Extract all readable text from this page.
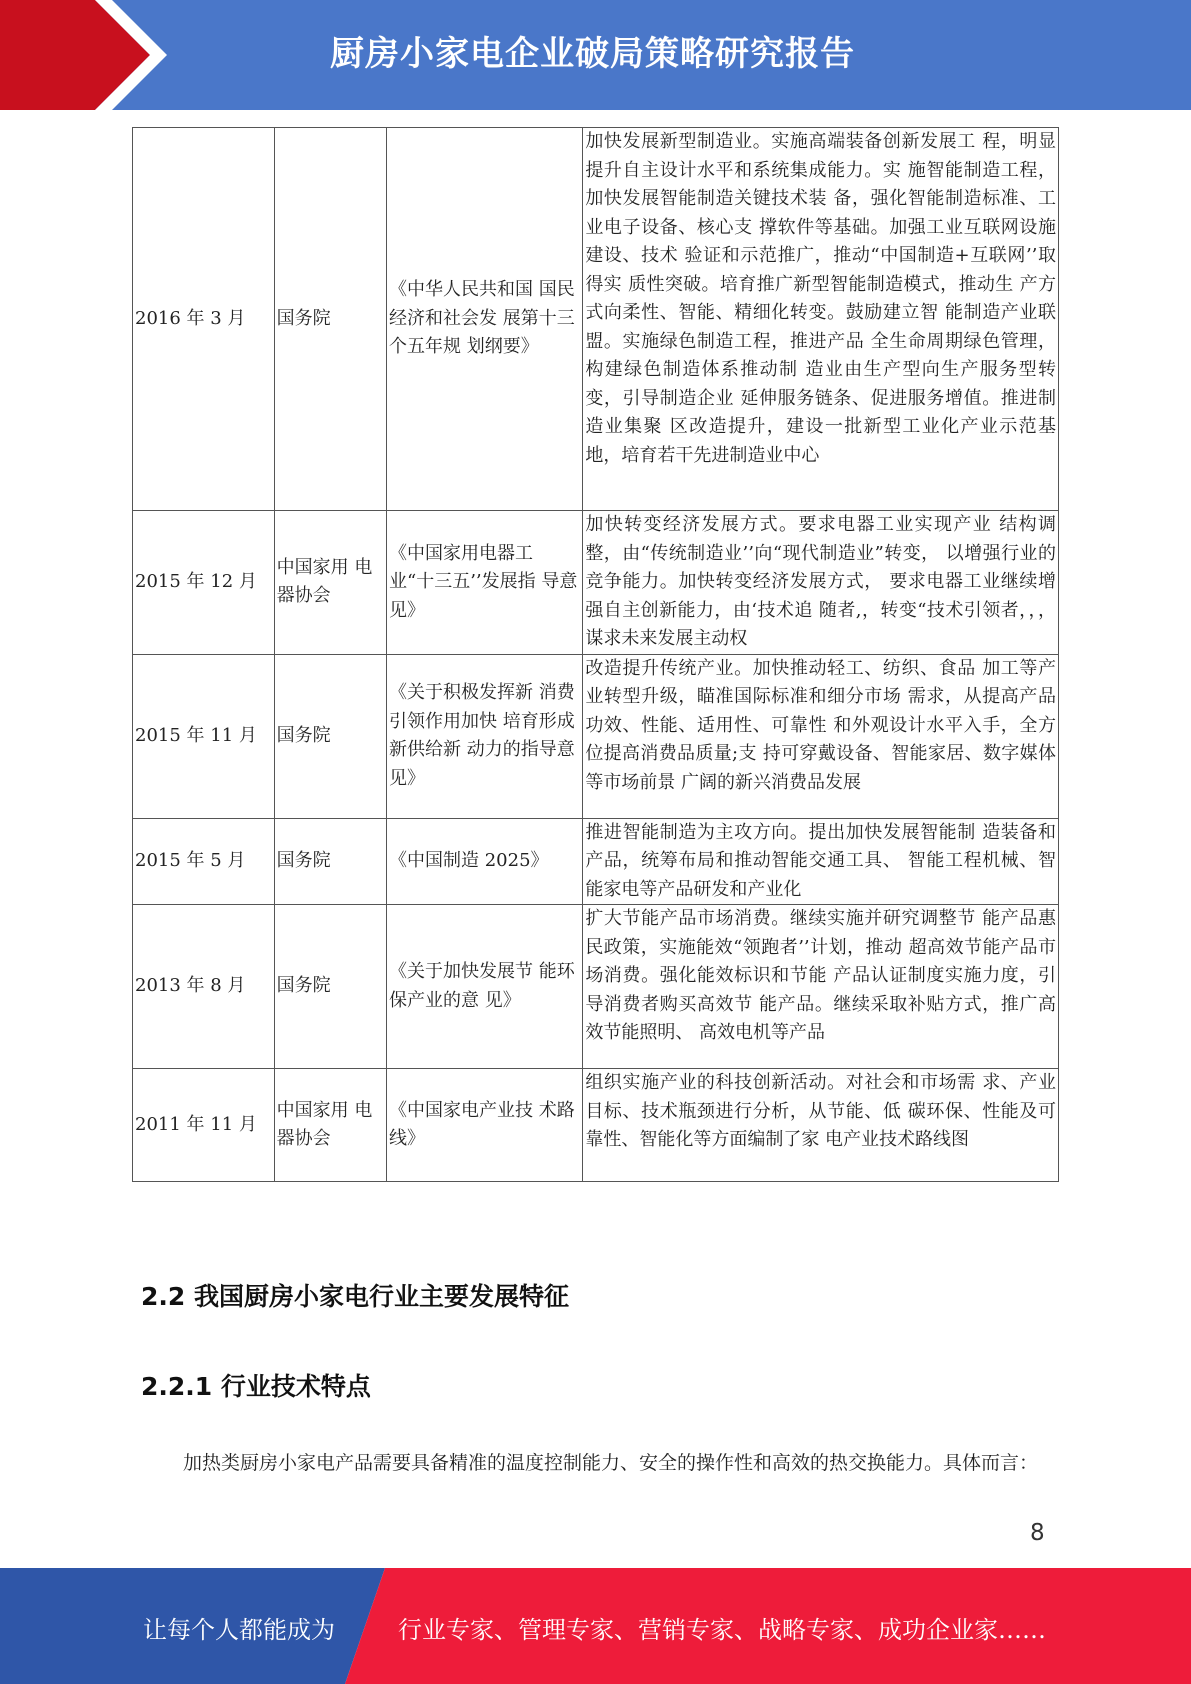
厨房小家电企业破局策略研究报告
2016 年 3 月	国务院	《中华人民共和国 国民经济和社会发 展第十三个五年规 划纲要》	加快发展新型制造业。实施高端装备创新发展工 程，明显提升自主设计水平和系统集成能力。实 施智能制造工程，加快发展智能制造关键技术装 备，强化智能制造标准、工业电子设备、核心支 撑软件等基础。加强工业互联网设施建设、技术 验证和示范推广，推动“中国制造+互联网’’取得实 质性突破。培育推广新型智能制造模式，推动生 产方式向柔性、智能、精细化转变。鼓励建立智 能制造产业联盟。实施绿色制造工程，推进产品 全生命周期绿色管理，构建绿色制造体系推动制 造业由生产型向生产服务型转变，引导制造企业 延伸服务链条、促进服务增值。推进制造业集聚 区改造提升，建设一批新型工业化产业示范基地，培育若干先进制造业中心
2015 年 12 月	中国家用 电器协会	《中国家用电器工 业“十三五’’发展指 导意见》	加快转变经济发展方式。要求电器工业实现产业 结构调整，由“传统制造业’’向“现代制造业”转变， 以增强行业的竞争能力。加快转变经济发展方式， 要求电器工业继续增强自主创新能力，由‘技术追 随者,，转变“技术引领者，，，谋求未来发展主动权
2015 年 11 月	国务院	《关于积极发挥新 消费引领作用加快 培育形成新供给新 动力的指导意见》	改造提升传统产业。加快推动轻工、纺织、食品 加工等产业转型升级，瞄准国际标准和细分市场 需求，从提高产品功效、性能、适用性、可靠性 和外观设计水平入手，全方位提高消费品质量;支 持可穿戴设备、智能家居、数字媒体等市场前景 广阔的新兴消费品发展
2015 年 5 月	国务院	《中国制造 2025》	推进智能制造为主攻方向。提出加快发展智能制 造装备和产品，统筹布局和推动智能交通工具、 智能工程机械、智能家电等产品研发和产业化
2013 年 8 月	国务院	《关于加快发展节 能环保产业的意 见》	扩大节能产品市场消费。继续实施并研究调整节 能产品惠民政策，实施能效“领跑者’’计划，推动 超高效节能产品市场消费。强化能效标识和节能 产品认证制度实施力度，引导消费者购买高效节 能产品。继续采取补贴方式，推广高效节能照明、 高效电机等产品
2011 年 11 月	中国家用 电器协会	《中国家电产业技 术路线》	组织实施产业的科技创新活动。对社会和市场需 求、产业目标、技术瓶颈进行分析，从节能、低 碳环保、性能及可靠性、智能化等方面编制了家 电产业技术路线图
2.2 我国厨房小家电行业主要发展特征
2.2.1 行业技术特点
加热类厨房小家电产品需要具备精准的温度控制能力、安全的操作性和高效的热交换能力。具体而言：
8
让每个人都能成为	行业专家、管理专家、营销专家、战略专家、成功企业家……
